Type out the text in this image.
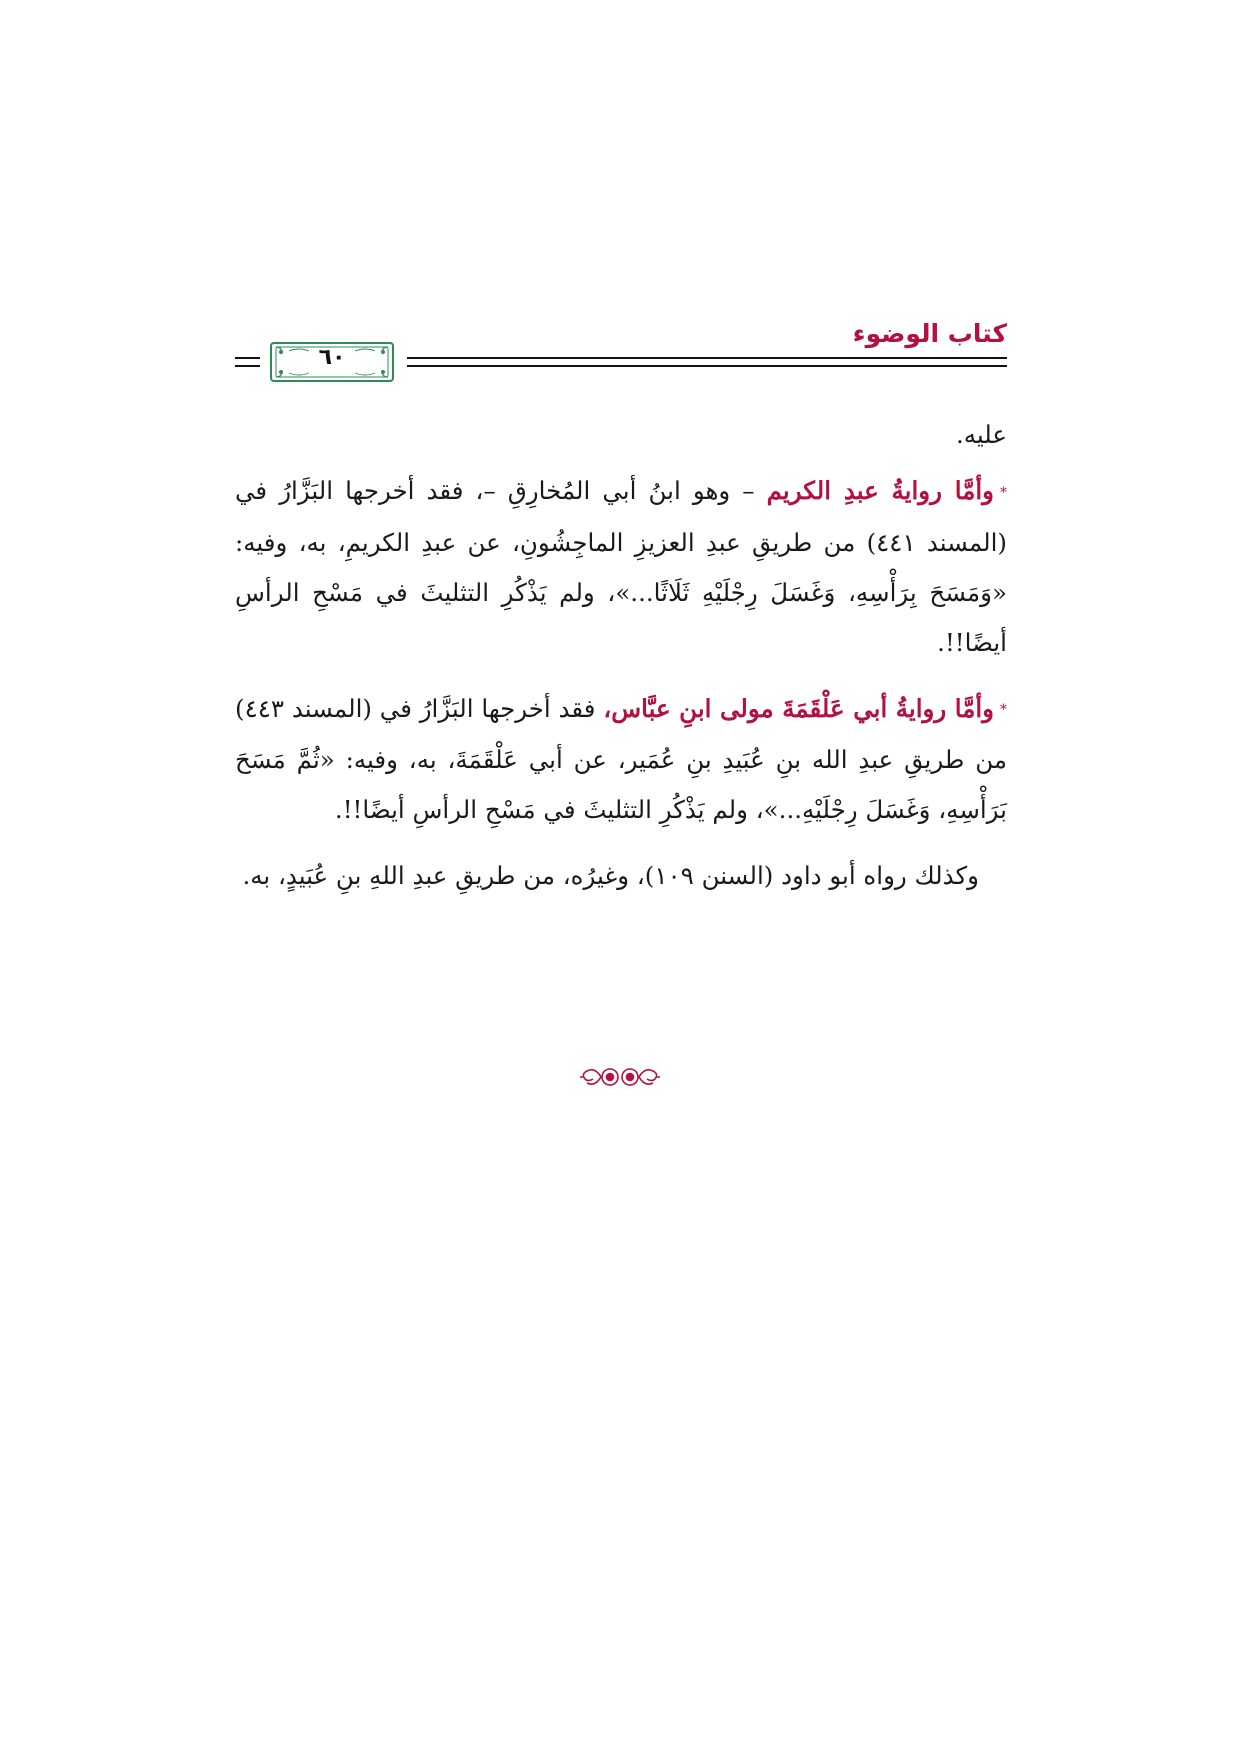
كتاب الوضوء
٦٠

عليه.

*وأمَّا روايةُ عبدِ الكريم – وهو ابنُ أبي المُخارِقِ –، فقد أخرجها البَزَّارُ في (المسند ٤٤١) من طريقِ عبدِ العزيزِ الماجِشُونِ، عن عبدِ الكريمِ، به، وفيه: «وَمَسَحَ بِرَأْسِهِ، وَغَسَلَ رِجْلَيْهِ ثَلَاثًا...»، ولم يَذْكُرِ التثليثَ في مَسْحِ الرأسِ أيضًا!!.

*وأمَّا روايةُ أبي عَلْقَمَةَ مولى ابنِ عبَّاس، فقد أخرجها البَزَّارُ في (المسند ٤٤٣) من طريقِ عبدِ الله بنِ عُبَيدِ بنِ عُمَير، عن أبي عَلْقَمَةَ، به، وفيه: «ثُمَّ مَسَحَ بَرَأْسِهِ، وَغَسَلَ رِجْلَيْهِ...»، ولم يَذْكُرِ التثليثَ في مَسْحِ الرأسِ أيضًا!!.

وكذلك رواه أبو داود (السنن ١٠٩)، وغيرُه، من طريقِ عبدِ اللهِ بنِ عُبَيدٍ، به.
